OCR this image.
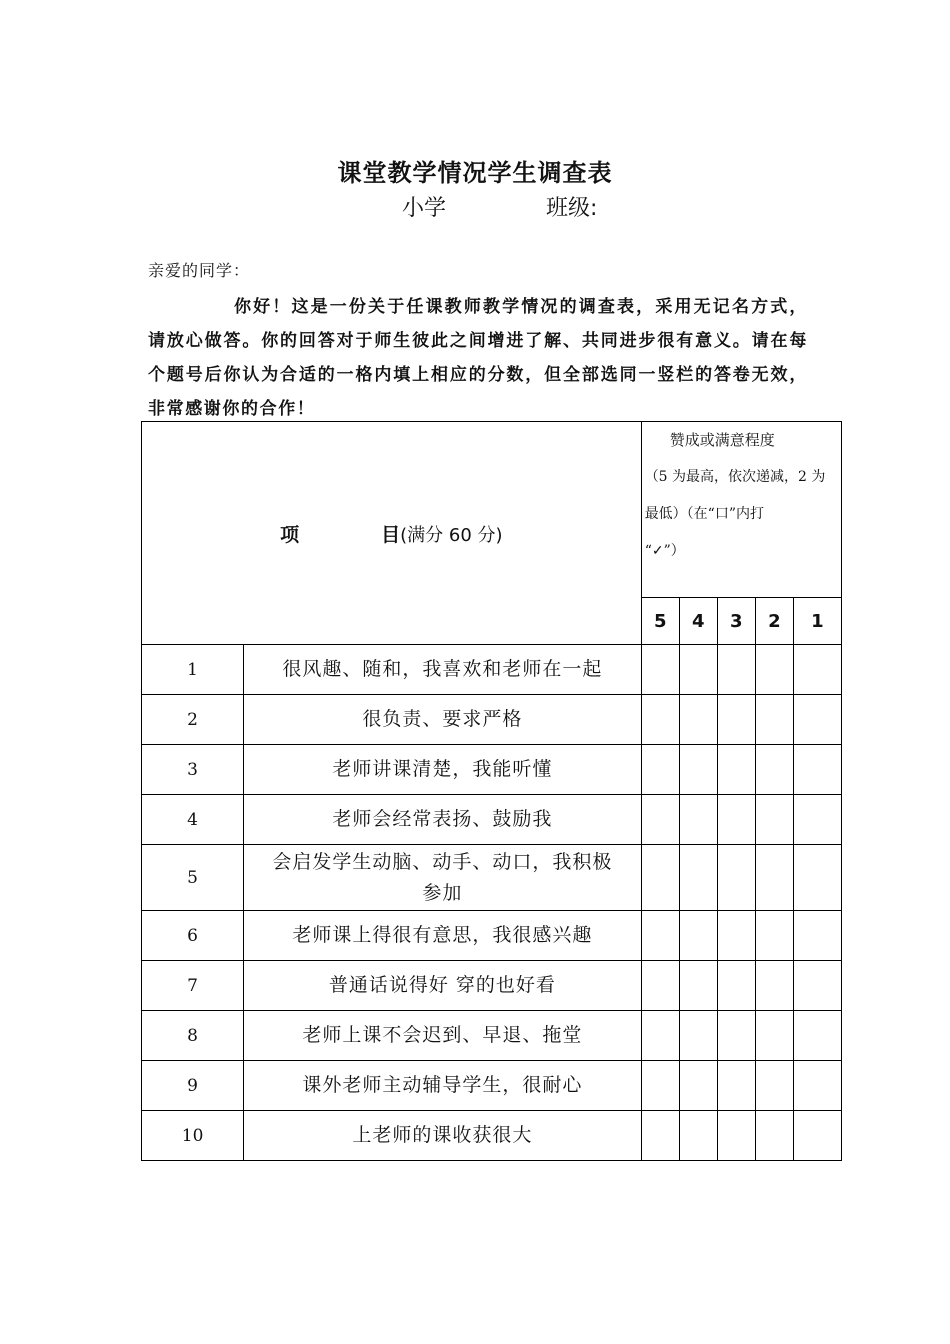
课堂教学情况学生调查表
小学	班级:
亲爱的同学：
你好！这是一份关于任课教师教学情况的调查表，采用无记名方式，请放心做答。你的回答对于师生彼此之间增进了解、共同进步很有意义。请在每个题号后你认为合适的一格内填上相应的分数，但全部选同一竖栏的答卷无效，非常感谢你的合作！
项 目(满分 60 分)		赞成或满意程度
（5 为最高，依次递减，2 为
最低）（在“口”内打
“✓”）				

		5	4	3	2	1
1	很风趣、随和，我喜欢和老师在一起					
2	很负责、要求严格					
3	老师讲课清楚，我能听懂					
4	老师会经常表扬、鼓励我					
5	会启发学生动脑、动手、动口，我积极参加					
6	老师课上得很有意思，我很感兴趣					
7	普通话说得好 穿的也好看					
8	老师上课不会迟到、早退、拖堂					
9	课外老师主动辅导学生，很耐心					
10	上老师的课收获很大					
